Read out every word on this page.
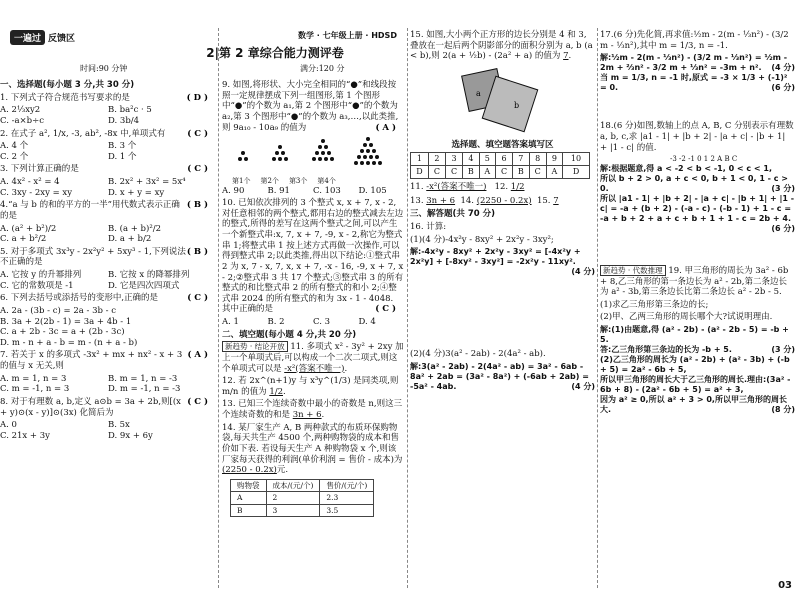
一遍过 反馈区	数学 · 七年级上册 · HDSD
2|第 2 章综合能力测评卷
时间:90 分钟	满分:120 分
一、选择题(每小题 3 分,共 30 分)
( D )
1. 下列式子符合规范书写要求的是
A. 2⅓xy2	B. ba²c · 5
C. -a×b÷c	D. 3b/4
( C )
2. 在式子 a², 1/x, -3, ab², -8x 中,单项式有
A. 4 个	B. 3 个
C. 2 个	D. 1 个
( C )
3. 下列计算正确的是
A. 4x² - x² = 4	B. 2x² + 3x² = 5x⁴
C. 3xy - 2xy = xy	D. x + y = xy
( B )
4.“a 与 b 的和的平方的一半”用代数式表示正确的是
A. (a² + b²)/2	B. (a + b)²/2
C. a + b²/2	D. a + b/2
( B )
5. 对于多项式 3x³y - 2x²y² + 5xy³ - 1,下列说法不正确的是
A. 它按 y 的升幂排列	B. 它按 x 的降幂排列
C. 它的常数项是 -1	D. 它是四次四项式
( C )
6. 下列去括号或添括号的变形中,正确的是
A. 2a - (3b - c) = 2a - 3b - c
B. 3a + 2(2b - 1) = 3a + 4b - 1
C. a + 2b - 3c = a + (2b - 3c)
D. m - n + a - b = m - (n + a - b)
( A )
7. 若关于 x 的多项式 -3x² + mx + nx² - x + 3 的值与 x 无关,则
A. m = 1, n = 3	B. m = 1, n = -3
C. m = -1, n = 3	D. m = -1, n = -3
( C )
8. 对于有理数 a, b,定义 a⊙b = 3a + 2b,则[(x + y)⊙(x - y)]⊙(3x) 化简后为
A. 0	B. 5x
C. 21x + 3y	D. 9x + 6y
9. 如图,将形状、大小完全相同的“●”和线段按照一定规律摆成下列一组图形,第 1 个图形中“●”的个数为 a₁,第 2 个图形中“●”的个数为 a₂,第 3 个图形中“●”的个数为 a₃,…,以此类推,则 9a₁₀ - 10a₉ 的值为	( A )
第1个 第2个 第3个 第4个
A. 90	B. 91	C. 103	D. 105
10. 已知依次排列的 3 个整式 x, x + 7, x - 2,对任意相邻的两个整式,都用右边的整式减去左边的整式,所得的差写在这两个整式之间,可以产生一个新整式串:x, 7, x + 7, -9, x - 2,称它为整式串 1;将整式串 1 按上述方式再做一次操作,可以得到整式串 2;以此类推,得出以下结论:①整式串 2 为 x, 7 - x, 7, x, x + 7, -x - 16, -9, x + 7, x - 2;②整式串 3 共 17 个整式;③整式串 3 的所有整式的和比整式串 2 的所有整式的和小 2;④整式串 2024 的所有整式的和为 3x - 1 - 4048. 其中正确的是	( C )
A. 1	B. 2	C. 3	D. 4
二、填空题(每小题 4 分,共 20 分)
新趋势 · 结论开放 11. 多项式 x² - 3y² + 2xy 加上一个单项式后,可以构成一个二次二项式,则这个单项式可以是 -x²(答案不唯一).
12. 若 2x^(n+1)y 与 x³y^(1/3) 是同类项,则 m/n 的值为 1/2.
13. 已知三个连续奇数中最小的奇数是 n,则这三个连续奇数的和是 3n + 6.
14. 某厂家生产 A, B 两种款式的布质环保购物袋,每天共生产 4500 个,两种购物袋的成本和售价如下表. 若设每天生产 A 种购物袋 x 个,则该厂家每天获得的利润(单价利润 = 售价 - 成本)为 (2250 - 0.2x)元.
购物袋	成本/(元/个)	售价/(元/个)
A	2	2.3
B	3	3.5
15. 如图,大小两个正方形的边长分别是 4 和 3,叠放在一起后两个阴影部分的面积分别为 a, b (a < b),则 2(a + ½b) - (2a² + a) 的值为 7.
a
b
选择题、填空题答案填写区
1	2	3	4	5	6	7	8	9	10
D	C	C	B	A	C	B	C	A	D
11. -x²(答案不唯一) 12. 1/2
13. 3n + 6 14. (2250 - 0.2x) 15. 7
三、解答题(共 70 分)
16. 计算:
(1)(4 分)-4x²y - 8xy² + 2x²y - 3xy²;
解:-4x²y - 8xy² + 2x²y - 3xy² = [-4x²y + 2x²y] + [-8xy² - 3xy²] = -2x²y - 11xy².
(4 分)
(2)(4 分)3(a² - 2ab) - 2(4a² - ab).
解:3(a² - 2ab) - 2(4a² - ab) = 3a² - 6ab - 8a² + 2ab = (3a² - 8a²) + (-6ab + 2ab) = -5a² - 4ab.	(4 分)
17.(6 分)先化简,再求值:½m - 2(m - ⅓n²) - (3/2 m - ⅓n²),其中 m = 1/3, n = -1.
解:½m - 2(m - ⅓n²) - (3/2 m - ⅓n²) = ½m - 2m + ⅔n² - 3/2 m + ⅓n² = -3m + n². (4 分)
当 m = 1/3, n = -1 时,原式 = -3 × 1/3 + (-1)² = 0.	(6 分)
18.(6 分)如图,数轴上的点 A, B, C 分别表示有理数 a, b, c,求 |a1 - 1| + |b + 2| - |a + c| - |b + 1| + |1 - c| 的值.
-3 -2 -1 0 1 2 A B C
解:根据题意,得 a < -2 < b < -1, 0 < c < 1,
所以 b + 2 > 0, a + c < 0, b + 1 < 0, 1 - c > 0.	(3 分)
所以 |a1 - 1| + |b + 2| - |a + c| - |b + 1| + |1 - c| = -a + (b + 2) - (-a - c) - (-b - 1) + 1 - c = -a + b + 2 + a + c + b + 1 + 1 - c = 2b + 4.
(6 分)
新趋势 · 代数推理 19. 甲三角形的周长为 3a² - 6b + 8,乙三角形的第一条边长为 a² - 2b,第二条边长为 a² - 3b,第三条边长比第二条边长 a² - 2b - 5.
(1)求乙三角形第三条边的长;
(2)甲、乙两三角形的周长哪个大?试说明理由.
解:(1)由题意,得 (a² - 2b) - (a² - 2b - 5) = -b + 5.
答:乙三角形第三条边的长为 -b + 5.	(3 分)
(2)乙三角形的周长为 (a² - 2b) + (a² - 3b) + (-b + 5) = 2a² - 6b + 5,
所以甲三角形的周长大于乙三角形的周长.理由:(3a² - 6b + 8) - (2a² - 6b + 5) = a² + 3,
因为 a² ≥ 0,所以 a² + 3 > 0,所以甲三角形的周长大.	(8 分)
03
